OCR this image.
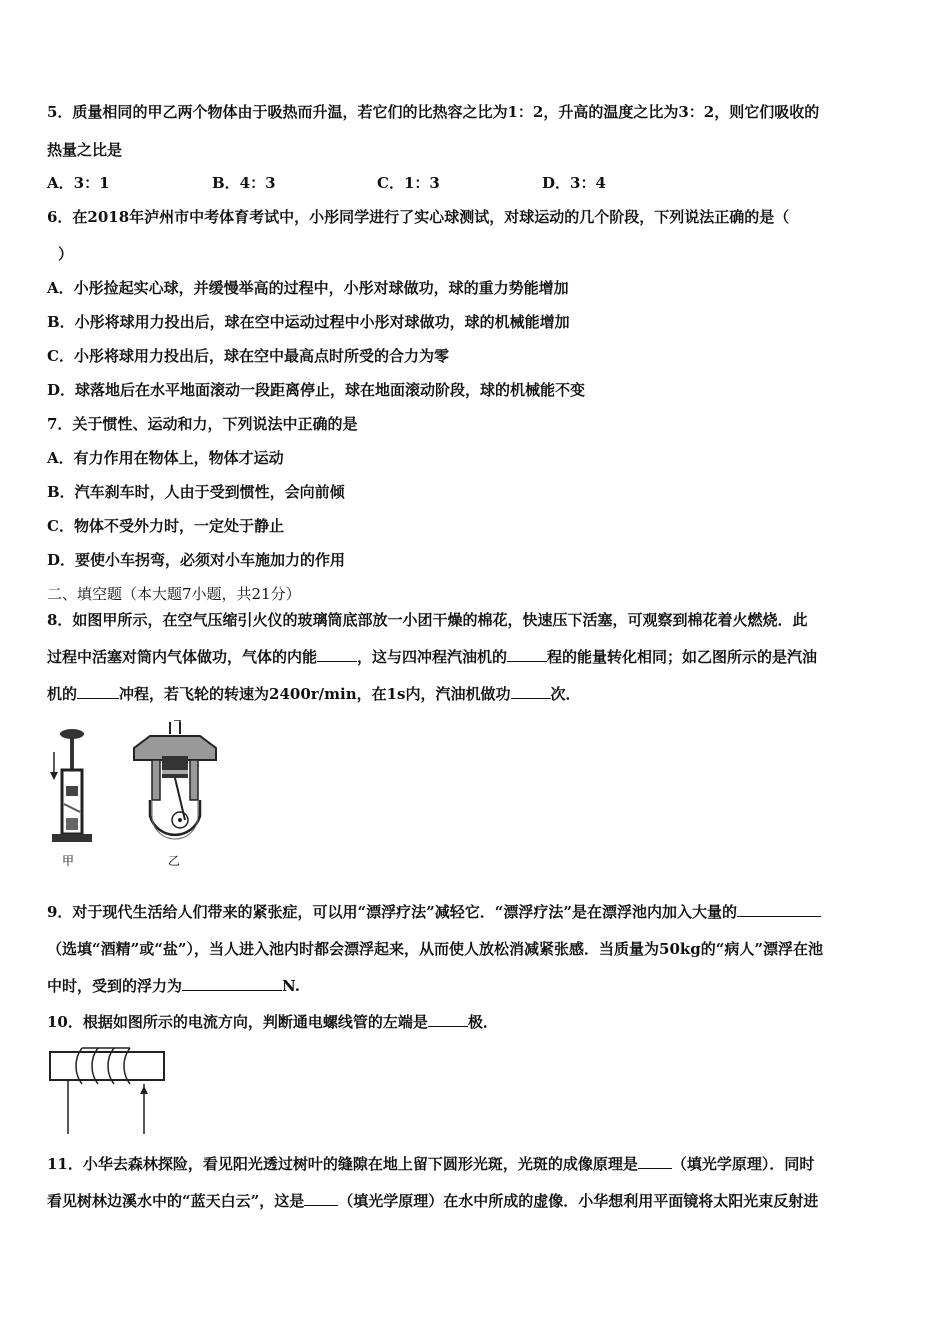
5．质量相同的甲乙两个物体由于吸热而升温，若它们的比热容之比为1：2，升高的温度之比为3：2，则它们吸收的
热量之比是
A．3：1	B．4：3	C．1：3	D．3：4
6．在2018年泸州市中考体育考试中，小彤同学进行了实心球测试，对球运动的几个阶段，下列说法正确的是（
）
A．小彤捡起实心球，并缓慢举高的过程中，小彤对球做功，球的重力势能增加
B．小彤将球用力投出后，球在空中运动过程中小彤对球做功，球的机械能增加
C．小彤将球用力投出后，球在空中最高点时所受的合力为零
D．球落地后在水平地面滚动一段距离停止，球在地面滚动阶段，球的机械能不变
7．关于惯性、运动和力，下列说法中正确的是
A．有力作用在物体上，物体才运动
B．汽车刹车时，人由于受到惯性，会向前倾
C．物体不受外力时，一定处于静止
D．要使小车拐弯，必须对小车施加力的作用
二、填空题（本大题7小题，共21分）
8．如图甲所示，在空气压缩引火仪的玻璃筒底部放一小团干燥的棉花，快速压下活塞，可观察到棉花着火燃烧．此
过程中活塞对筒内气体做功，气体的内能	，这与四冲程汽油机的	程的能量转化相同；如乙图所示的是汽油
机的	冲程，若飞轮的转速为2400r/min，在1s内，汽油机做功	次．
甲	乙
9．对于现代生活给人们带来的紧张症，可以用“漂浮疗法”减轻它．“漂浮疗法”是在漂浮池内加入大量的
（选填“酒精”或“盐”），当人进入池内时都会漂浮起来，从而使人放松消减紧张感．当质量为50kg的“病人”漂浮在池
中时，受到的浮力为	N.
10．根据如图所示的电流方向，判断通电螺线管的左端是	极．
11．小华去森林探险，看见阳光透过树叶的缝隙在地上留下圆形光斑，光斑的成像原理是 （填光学原理）．同时
看见树林边溪水中的“蓝天白云”，这是 （填光学原理）在水中所成的虚像．小华想利用平面镜将太阳光束反射进
